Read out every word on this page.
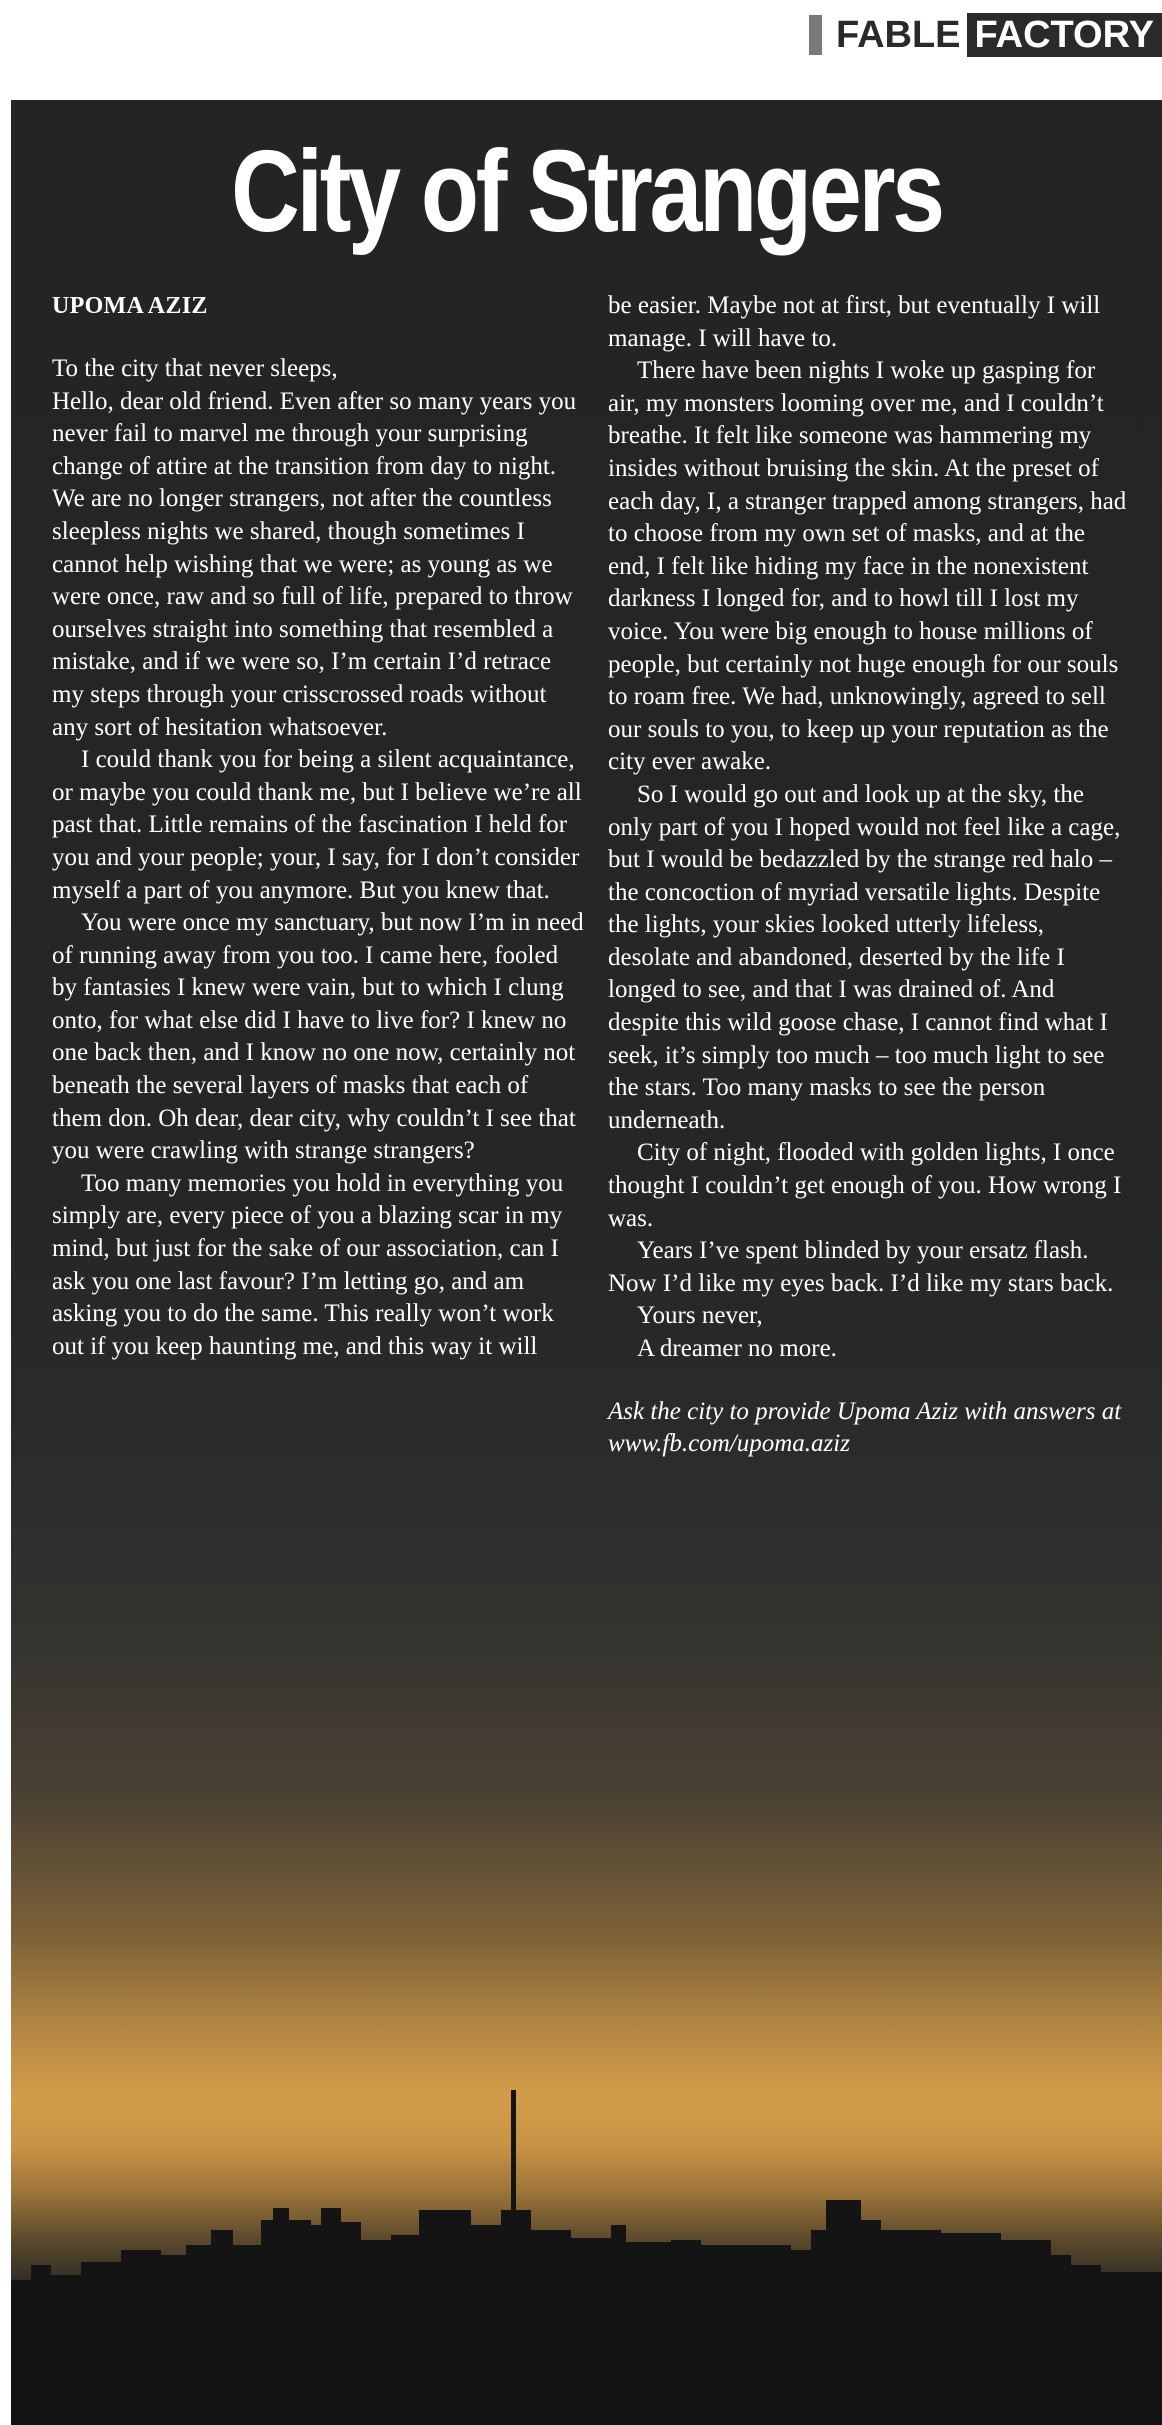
FABLE FACTORY
City of Strangers
UPOMA AZIZ

To the city that never sleeps,

Hello, dear old friend. Even after so many years you never fail to marvel me through your surprising change of attire at the transition from day to night. We are no longer strangers, not after the countless sleepless nights we shared, though sometimes I cannot help wishing that we were; as young as we were once, raw and so full of life, prepared to throw ourselves straight into something that resembled a mistake, and if we were so, I’m certain I’d retrace my steps through your crisscrossed roads without any sort of hesitation whatsoever.

I could thank you for being a silent acquaintance, or maybe you could thank me, but I believe we’re all past that. Little remains of the fascination I held for you and your people; your, I say, for I don’t consider myself a part of you anymore. But you knew that.

You were once my sanctuary, but now I’m in need of running away from you too. I came here, fooled by fantasies I knew were vain, but to which I clung onto, for what else did I have to live for? I knew no one back then, and I know no one now, certainly not beneath the several layers of masks that each of them don. Oh dear, dear city, why couldn’t I see that you were crawling with strange strangers?

Too many memories you hold in everything you simply are, every piece of you a blazing scar in my mind, but just for the sake of our association, can I ask you one last favour? I’m letting go, and am asking you to do the same. This really won’t work out if you keep haunting me, and this way it will

be easier. Maybe not at first, but eventually I will manage. I will have to.

There have been nights I woke up gasping for air, my monsters looming over me, and I couldn’t breathe. It felt like someone was hammering my insides without bruising the skin. At the preset of each day, I, a stranger trapped among strangers, had to choose from my own set of masks, and at the end, I felt like hiding my face in the nonexistent darkness I longed for, and to howl till I lost my voice. You were big enough to house millions of people, but certainly not huge enough for our souls to roam free. We had, unknowingly, agreed to sell our souls to you, to keep up your reputation as the city ever awake.

So I would go out and look up at the sky, the only part of you I hoped would not feel like a cage, but I would be bedazzled by the strange red halo – the concoction of myriad versatile lights. Despite the lights, your skies looked utterly lifeless, desolate and abandoned, deserted by the life I longed to see, and that I was drained of. And despite this wild goose chase, I cannot find what I seek, it’s simply too much – too much light to see the stars. Too many masks to see the person underneath.

City of night, flooded with golden lights, I once thought I couldn’t get enough of you. How wrong I was.

Years I’ve spent blinded by your ersatz flash. Now I’d like my eyes back. I’d like my stars back.

Yours never,

A dreamer no more.

Ask the city to provide Upoma Aziz with answers at www.fb.com/upoma.aziz
